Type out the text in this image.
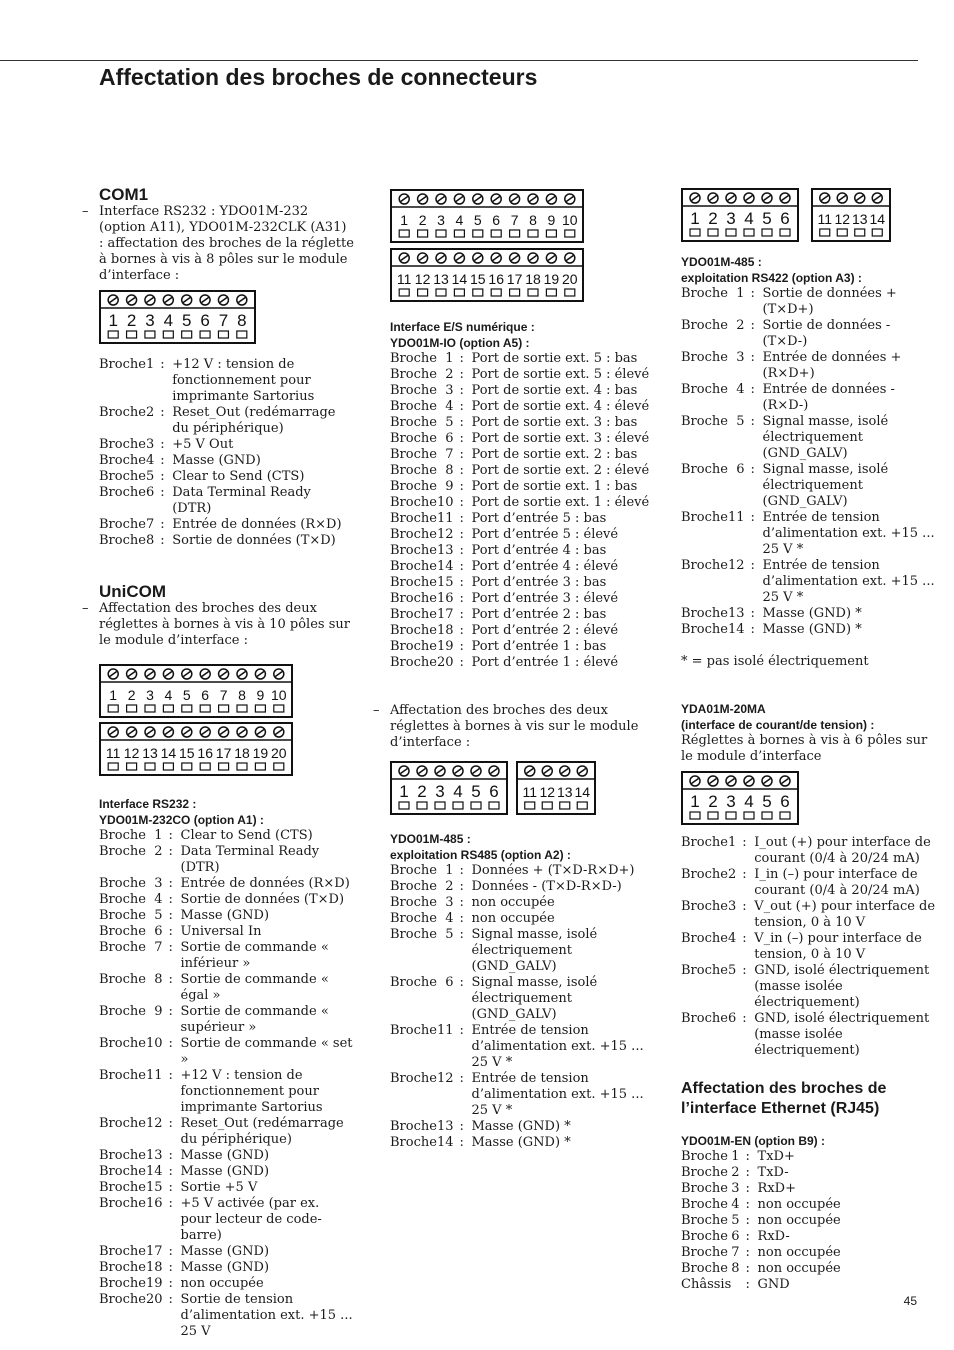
Affectation des broches de connecteurs
COM1

– Interface RS232 : YDO01M-232 (option A11), YDO01M-232CLK (A31) : affectation des broches de la réglette à bornes à vis à 8 pôles sur le module d’interface :

1 2 3 4 5 6 7 8
Broche	1	:	+12 V : tension de fonctionnement pour imprimante Sartorius
Broche	2	:	Reset_Out (redémarrage du périphérique)
Broche	3	:	+5 V Out
Broche	4	:	Masse (GND)
Broche	5	:	Clear to Send (CTS)
Broche	6	:	Data Terminal Ready (DTR)
Broche	7	:	Entrée de données (R×D)
Broche	8	:	Sortie de données (T×D)
UniCOM

– Affectation des broches des deux réglettes à bornes à vis à 10 pôles sur le module d’interface :

1 2 3 4 5 6 7 8 9 10
11 12 13 14 15 16 17 18 19 20
Interface RS232 :
YDO01M-232CO (option A1) :
Broche	1	:	Clear to Send (CTS)
Broche	2	:	Data Terminal Ready (DTR)
Broche	3	:	Entrée de données (R×D)
Broche	4	:	Sortie de données (T×D)
Broche	5	:	Masse (GND)
Broche	6	:	Universal In
Broche	7	:	Sortie de commande « inférieur »
Broche	8	:	Sortie de commande « égal »
Broche	9	:	Sortie de commande « supérieur »
Broche	10	:	Sortie de commande « set »
Broche	11	:	+12 V : tension de fonctionnement pour imprimante Sartorius
Broche	12	:	Reset_Out (redémarrage du périphérique)
Broche	13	:	Masse (GND)
Broche	14	:	Masse (GND)
Broche	15	:	Sortie +5 V
Broche	16	:	+5 V activée (par ex. pour lecteur de code-barre)
Broche	17	:	Masse (GND)
Broche	18	:	Masse (GND)
Broche	19	:	non occupée
Broche	20	:	Sortie de tension d’alimentation ext. +15 ... 25 V
1 2 3 4 5 6 7 8 9 10
11 12 13 14 15 16 17 18 19 20
Interface E/S numérique :
YDO01M-IO (option A5) :
Broche	1	:	Port de sortie ext. 5 : bas
Broche	2	:	Port de sortie ext. 5 : élevé
Broche	3	:	Port de sortie ext. 4 : bas
Broche	4	:	Port de sortie ext. 4 : élevé
Broche	5	:	Port de sortie ext. 3 : bas
Broche	6	:	Port de sortie ext. 3 : élevé
Broche	7	:	Port de sortie ext. 2 : bas
Broche	8	:	Port de sortie ext. 2 : élevé
Broche	9	:	Port de sortie ext. 1 : bas
Broche	10	:	Port de sortie ext. 1 : élevé
Broche	11	:	Port d’entrée 5 : bas
Broche	12	:	Port d’entrée 5 : élevé
Broche	13	:	Port d’entrée 4 : bas
Broche	14	:	Port d’entrée 4 : élevé
Broche	15	:	Port d’entrée 3 : bas
Broche	16	:	Port d’entrée 3 : élevé
Broche	17	:	Port d’entrée 2 : bas
Broche	18	:	Port d’entrée 2 : élevé
Broche	19	:	Port d’entrée 1 : bas
Broche	20	:	Port d’entrée 1 : élevé

– Affectation des broches des deux réglettes à bornes à vis sur le module d’interface :

1 2 3 4 5 6 11 12 13 14
YDO01M-485 :
exploitation RS485 (option A2) :
Broche	1	:	Données + (T×D-R×D+)
Broche	2	:	Données - (T×D-R×D-)
Broche	3	:	non occupée
Broche	4	:	non occupée
Broche	5	:	Signal masse, isolé électriquement (GND_GALV)
Broche	6	:	Signal masse, isolé électriquement (GND_GALV)
Broche	11	:	Entrée de tension d’alimentation ext. +15 ... 25 V *
Broche	12	:	Entrée de tension d’alimentation ext. +15 ... 25 V *
Broche	13	:	Masse (GND) *
Broche	14	:	Masse (GND) *
1 2 3 4 5 6 11 12 13 14
YDO01M-485 :
exploitation RS422 (option A3) :
Broche	1	:	Sortie de données + (T×D+)
Broche	2	:	Sortie de données - (T×D-)
Broche	3	:	Entrée de données + (R×D+)
Broche	4	:	Entrée de données - (R×D-)
Broche	5	:	Signal masse, isolé électriquement (GND_GALV)
Broche	6	:	Signal masse, isolé électriquement (GND_GALV)
Broche	11	:	Entrée de tension d’alimentation ext. +15 ... 25 V *
Broche	12	:	Entrée de tension d’alimentation ext. +15 ... 25 V *
Broche	13	:	Masse (GND) *
Broche	14	:	Masse (GND) *

* = pas isolé électriquement

YDA01M-20MA
(interface de courant/de tension) :

Réglettes à bornes à vis à 6 pôles sur le module d’interface

1 2 3 4 5 6
Broche	1	:	I_out (+) pour interface de courant (0/4 à 20/24 mA)
Broche	2	:	I_in (–) pour interface de courant (0/4 à 20/24 mA)
Broche	3	:	V_out (+) pour interface de tension, 0 à 10 V
Broche	4	:	V_in (–) pour interface de tension, 0 à 10 V
Broche	5	:	GND, isolé électriquement (masse isolée électriquement)
Broche	6	:	GND, isolé électriquement (masse isolée électriquement)
Affectation des broches de l’interface Ethernet (RJ45)
YDO01M-EN (option B9) :
Broche	1	:	TxD+
Broche	2	:	TxD-
Broche	3	:	RxD+
Broche	4	:	non occupée
Broche	5	:	non occupée
Broche	6	:	RxD-
Broche	7	:	non occupée
Broche	8	:	non occupée
Châssis		:	GND
45
